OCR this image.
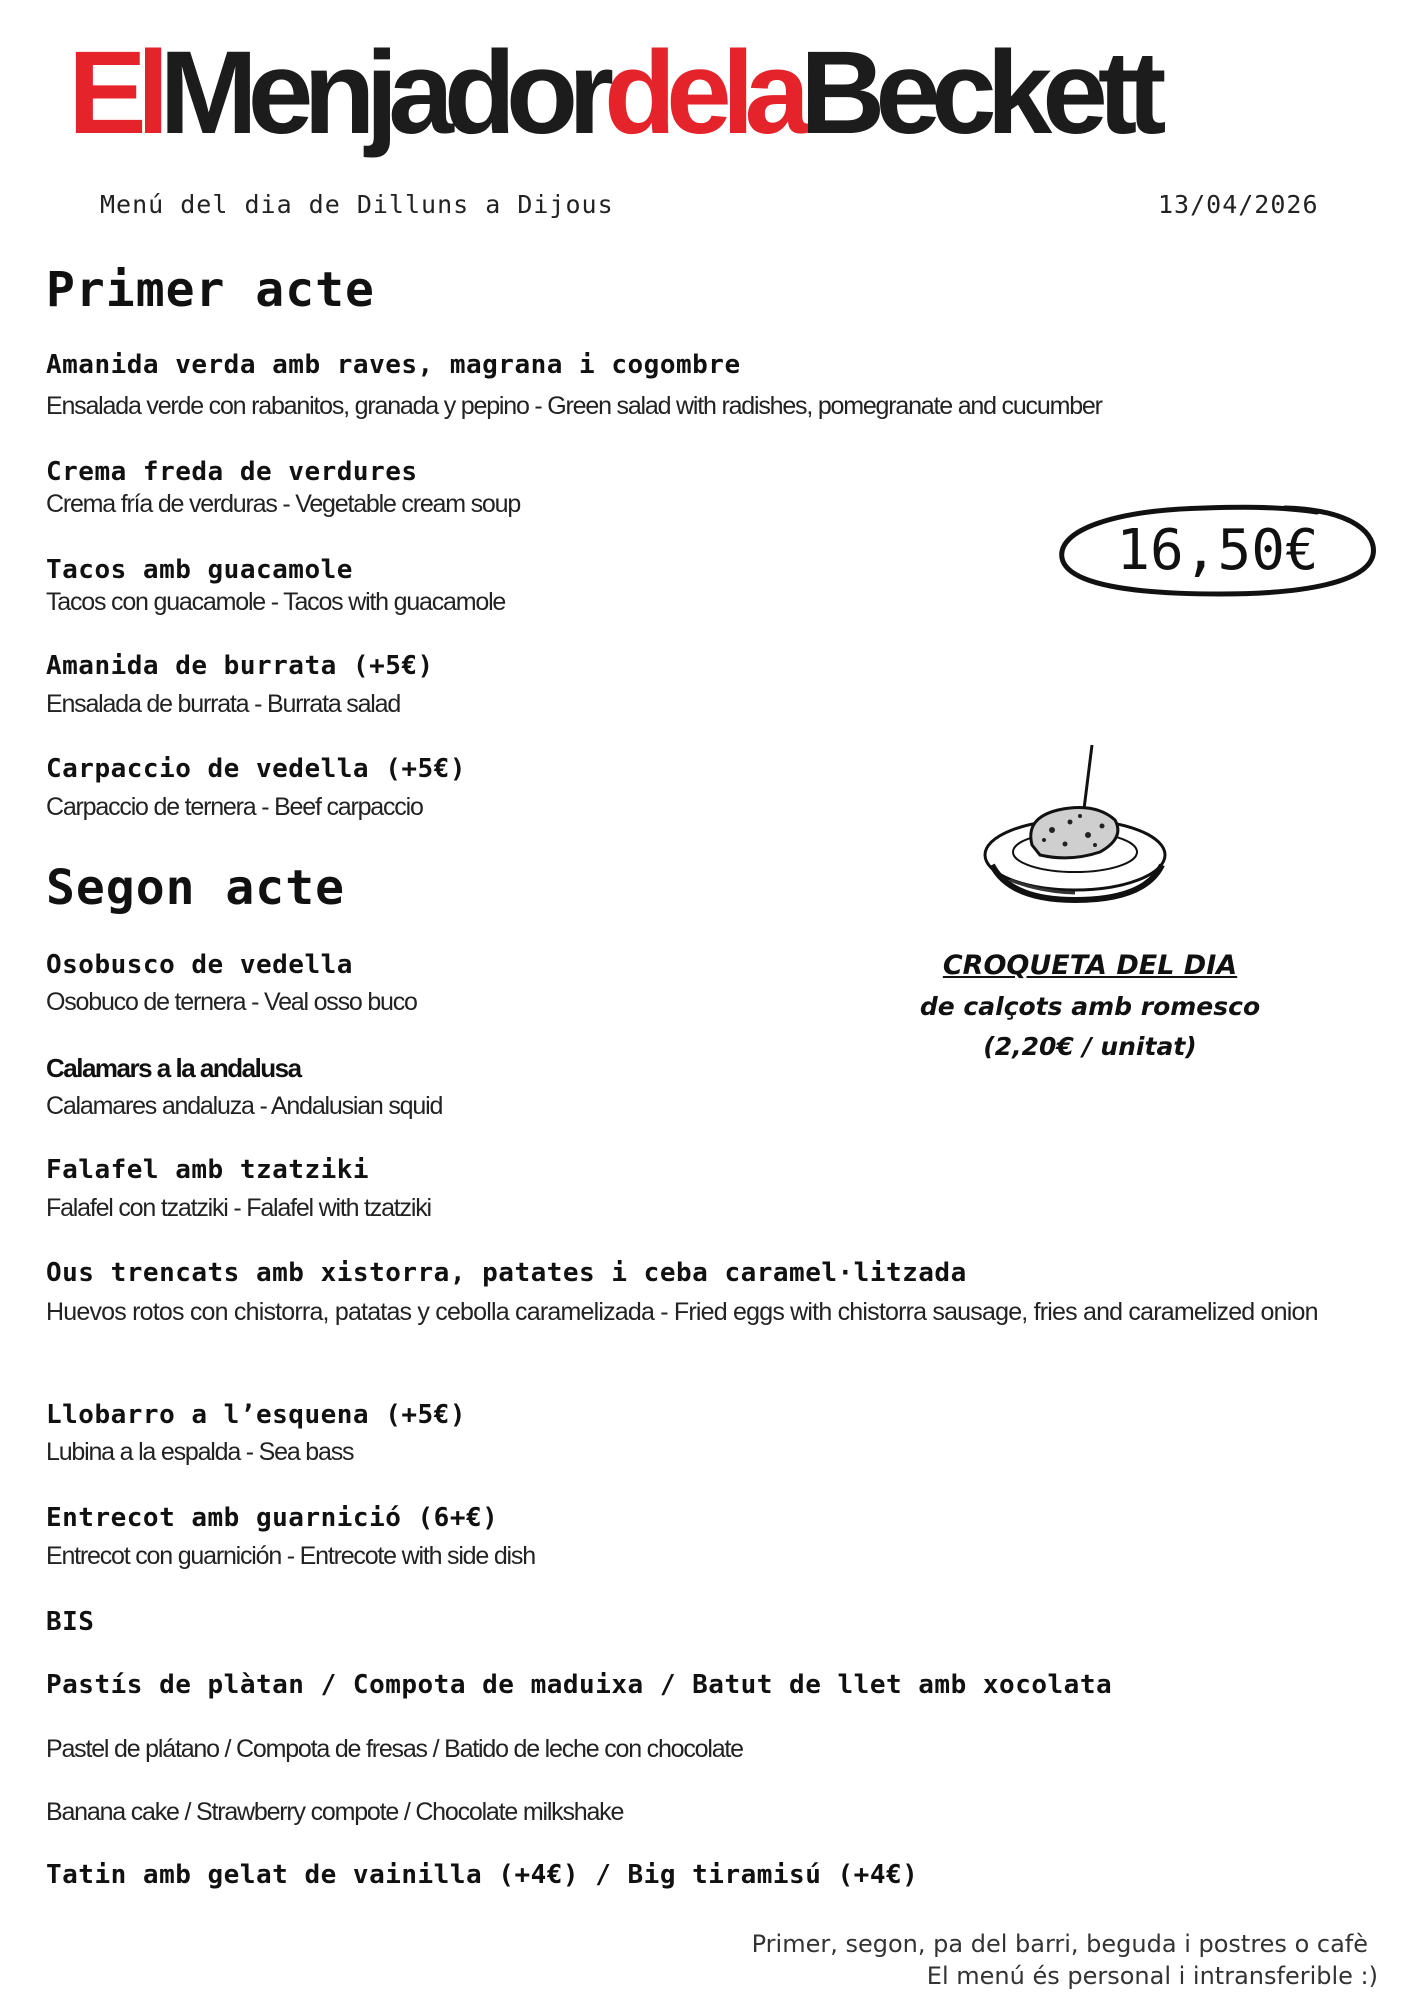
ElMenjadordelaBeckett
Menú del dia de Dilluns a Dijous	13/04/2026
Primer acte
Amanida verda amb raves, magrana i cogombre
Ensalada verde con rabanitos, granada y pepino - Green salad with radishes, pomegranate and cucumber
Crema freda de verdures
Crema fría de verduras - Vegetable cream soup
Tacos amb guacamole
Tacos con guacamole - Tacos with guacamole
Amanida de burrata (+5€)
Ensalada de burrata - Burrata salad
Carpaccio de vedella (+5€)
Carpaccio de ternera - Beef carpaccio
Segon acte
Osobusco de vedella
Osobuco de ternera - Veal osso buco
Calamars a la andalusa
Calamares andaluza - Andalusian squid
Falafel amb tzatziki
Falafel con tzatziki - Falafel with tzatziki
Ous trencats amb xistorra, patates i ceba caramel·litzada
Huevos rotos con chistorra, patatas y cebolla caramelizada - Fried eggs with chistorra sausage, fries and caramelized onion
Llobarro a l’esquena (+5€)
Lubina a la espalda - Sea bass
Entrecot amb guarnició (6+€)
Entrecot con guarnición - Entrecote with side dish
BIS
Pastís de plàtan / Compota de maduixa / Batut de llet amb xocolata
Pastel de plátano / Compota de fresas / Batido de leche con chocolate
Banana cake / Strawberry compote / Chocolate milkshake
Tatin amb gelat de vainilla (+4€) / Big tiramisú (+4€)
16,50€
CROQUETA DEL DIA
de calçots amb romesco
(2,20€ / unitat)
Primer, segon, pa del barri, beguda i postres o cafè
El menú és personal i intransferible :)
